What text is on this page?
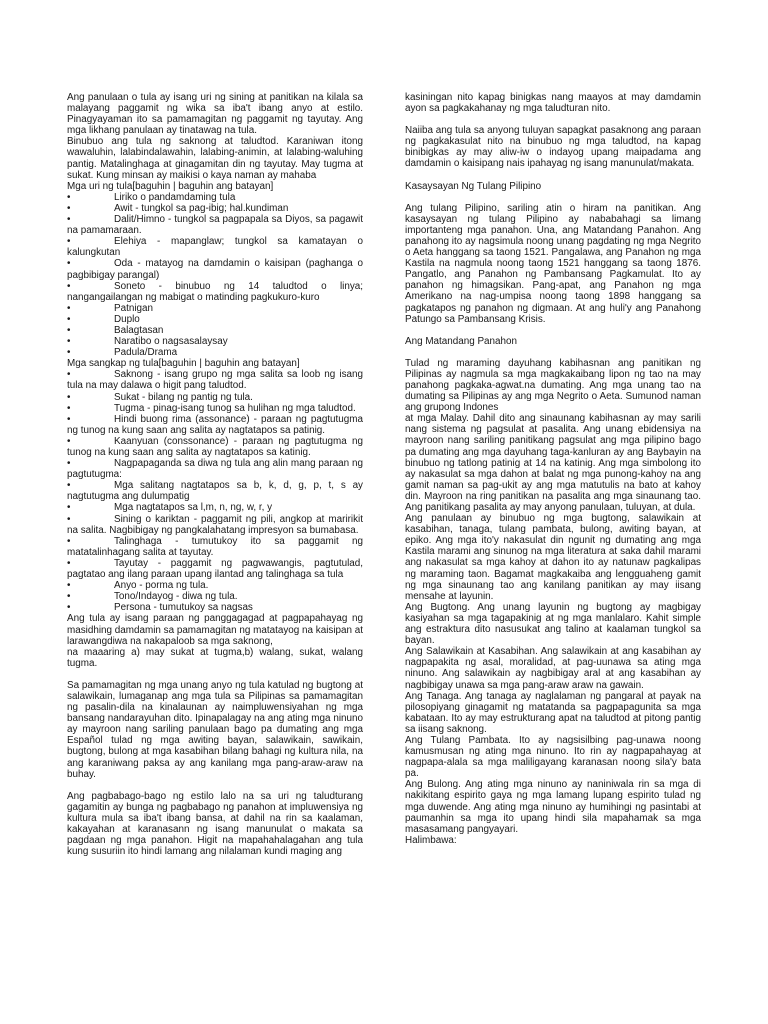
Ang panulaan o tula ay isang uri ng sining at panitikan na kilala sa malayang paggamit ng wika sa iba't ibang anyo at estilo. Pinagyayaman ito sa pamamagitan ng paggamit ng tayutay. Ang mga likhang panulaan ay tinatawag na tula.

Binubuo ang tula ng saknong at taludtod. Karaniwan itong wawaluhin, lalabindalawahin, lalabing-animin, at lalabing-waluhing pantig. Matalinghaga at ginagamitan din ng tayutay. May tugma at sukat. Kung minsan ay maikisi o kaya naman ay mahaba

Mga uri ng tula[baguhin | baguhin ang batayan]

•	Liriko o pandamdaming tula

•	Awit - tungkol sa pag-ibig; hal.kundiman

•	Dalit/Himno - tungkol sa pagpapala sa Diyos, sa pagawit na pamamaraan.

•	Elehiya - mapanglaw; tungkol sa kamatayan o kalungkutan

•	Oda - matayog na damdamin o kaisipan (paghanga o pagbibigay parangal)

•	Soneto - binubuo ng 14 taludtod o linya; nangangailangan ng mabigat o matinding pagkukuro-kuro

•	Patnigan

•	Duplo

•	Balagtasan

•	Naratibo o nagsasalaysay

•	Padula/Drama

Mga sangkap ng tula[baguhin | baguhin ang batayan]

•	Saknong - isang grupo ng mga salita sa loob ng isang tula na may dalawa o higit pang taludtod.

•	Sukat - bilang ng pantig ng tula.

•	Tugma - pinag-isang tunog sa hulihan ng mga taludtod.

•	Hindi buong rima (assonance) - paraan ng pagtutugma ng tunog na kung saan ang salita ay nagtatapos sa patinig.

•	Kaanyuan (conssonance) - paraan ng pagtutugma ng tunog na kung saan ang salita ay nagtatapos sa katinig.

•	Nagpapaganda sa diwa ng tula ang alin mang paraan ng pagtutugma:

•	Mga salitang nagtatapos sa b, k, d, g, p, t, s ay nagtutugma ang dulumpatig

•	Mga nagtatapos sa l,m, n, ng, w, r, y

•	Sining o kariktan - paggamit ng pili, angkop at maririkit na salita. Nagbibigay ng pangkalahatang impresyon sa bumabasa.

•	Talinghaga - tumutukoy ito sa paggamit ng matatalinhagang salita at tayutay.

•	Tayutay - paggamit ng pagwawangis, pagtutulad, pagtatao ang ilang paraan upang ilantad ang talinghaga sa tula

•	Anyo - porma ng tula.

•	Tono/Indayog - diwa ng tula.

•	Persona - tumutukoy sa nagsas

Ang tula ay isang paraan ng panggagagad at pagpapahayag ng masidhing damdamin sa pamamagitan ng matatayog na kaisipan at larawangdiwa na nakapaloob sa mga saknong,

na maaaring a) may sukat at tugma,b) walang, sukat, walang tugma.

Sa pamamagitan ng mga unang anyo ng tula katulad ng bugtong at salawikain, lumaganap ang mga tula sa Pilipinas sa pamamagitan ng pasalin-dila na kinalaunan ay naimpluwensiyahan ng mga bansang nandarayuhan dito. Ipinapalagay na ang ating mga ninuno ay mayroon nang sariling panulaan bago pa dumating ang mga Español tulad ng mga awiting bayan, salawikain, sawikain, bugtong, bulong at mga kasabihan bilang bahagi ng kultura nila, na ang karaniwang paksa ay ang kanilang mga pang-araw-araw na buhay.

Ang pagbabago-bago ng estilo lalo na sa uri ng taludturang gagamitin ay bunga ng pagbabago ng panahon at impluwensiya ng kultura mula sa iba't ibang bansa, at dahil na rin sa kaalaman, kakayahan at karanasann ng isang manunulat o makata sa pagdaan ng mga panahon. Higit na mapahahalagahan ang tula kung susuriin ito hindi lamang ang nilalaman kundi maging ang

kasiningan nito kapag binigkas nang maayos at may damdamin ayon sa pagkakahanay ng mga taludturan nito.

Naiiba ang tula sa anyong tuluyan sapagkat pasaknong ang paraan ng pagkakasulat nito na binubuo ng mga taludtod, na kapag binibigkas ay may aliw-iw o indayog upang maipadama ang damdamin o kaisipang nais ipahayag ng isang manunulat/makata.

Kasaysayan Ng Tulang Pilipino

Ang tulang Pilipino, sariling atin o hiram na panitikan. Ang kasaysayan ng tulang Pilipino ay nababahagi sa limang importanteng mga panahon. Una, ang Matandang Panahon. Ang panahong ito ay nagsimula noong unang pagdating ng mga Negrito o Aeta hanggang sa taong 1521. Pangalawa, ang Panahon ng mga Kastila na nagmula noong taong 1521 hanggang sa taong 1876. Pangatlo, ang Panahon ng Pambansang Pagkamulat. Ito ay panahon ng himagsikan. Pang-apat, ang Panahon ng mga Amerikano na nag-umpisa noong taong 1898 hanggang sa pagkatapos ng panahon ng digmaan. At ang huli'y ang Panahong Patungo sa Pambansang Krisis.

Ang Matandang Panahon

Tulad ng maraming dayuhang kabihasnan ang panitikan ng Pilipinas ay nagmula sa mga magkakaibang lipon ng tao na may panahong pagkaka-agwat.na dumating. Ang mga unang tao na dumating sa Pilipinas ay ang mga Negrito o Aeta. Sumunod naman ang grupong Indones

at mga Malay. Dahil dito ang sinaunang kabihasnan ay may sarili nang sistema ng pagsulat at pasalita. Ang unang ebidensiya na mayroon nang sariling panitikang pagsulat ang mga pilipino bago pa dumating ang mga dayuhang taga-kanluran ay ang Baybayin na binubuo ng tatlong patinig at 14 na katinig. Ang mga simbolong ito ay nakasulat sa mga dahon at balat ng mga punong-kahoy na ang gamit naman sa pag-ukit ay ang mga matutulis na bato at kahoy din. Mayroon na ring panitikan na pasalita ang mga sinaunang tao. Ang panitikang pasalita ay may anyong panulaan, tuluyan, at dula.

Ang panulaan ay binubuo ng mga bugtong, salawikain at kasabihan, tanaga, tulang pambata, bulong, awiting bayan, at epiko. Ang mga ito'y nakasulat din ngunit ng dumating ang mga Kastila marami ang sinunog na mga literatura at saka dahil marami ang nakasulat sa mga kahoy at dahon ito ay natunaw pagkalipas ng maraming taon. Bagamat magkakaiba ang lengguaheng gamit ng mga sinaunang tao ang kanilang panitikan ay may iisang mensahe at layunin.

Ang Bugtong. Ang unang layunin ng bugtong ay magbigay kasiyahan sa mga tagapakinig at ng mga manlalaro. Kahit simple ang estraktura dito nasusukat ang talino at kaalaman tungkol sa bayan.

Ang Salawikain at Kasabihan. Ang salawikain at ang kasabihan ay nagpapakita ng asal, moralidad, at pag-uunawa sa ating mga ninuno. Ang salawikain ay nagbibigay aral at ang kasabihan ay nagbibigay unawa sa mga pang-araw araw na gawain.

Ang Tanaga. Ang tanaga ay naglalaman ng pangaral at payak na pilosopiyang ginagamit ng matatanda sa pagpapagunita sa mga kabataan. Ito ay may estrukturang apat na taludtod at pitong pantig sa iisang saknong.

Ang Tulang Pambata. Ito ay nagsisilbing pag-unawa noong kamusmusan ng ating mga ninuno. Ito rin ay nagpapahayag at nagpapa-alala sa mga maliligayang karanasan noong sila'y bata pa.

Ang Bulong. Ang ating mga ninuno ay naniniwala rin sa mga di nakikitang espirito gaya ng mga lamang lupang espirito tulad ng mga duwende. Ang ating mga ninuno ay humihingi ng pasintabi at paumanhin sa mga ito upang hindi sila mapahamak sa mga masasamang pangyayari.

Halimbawa:
